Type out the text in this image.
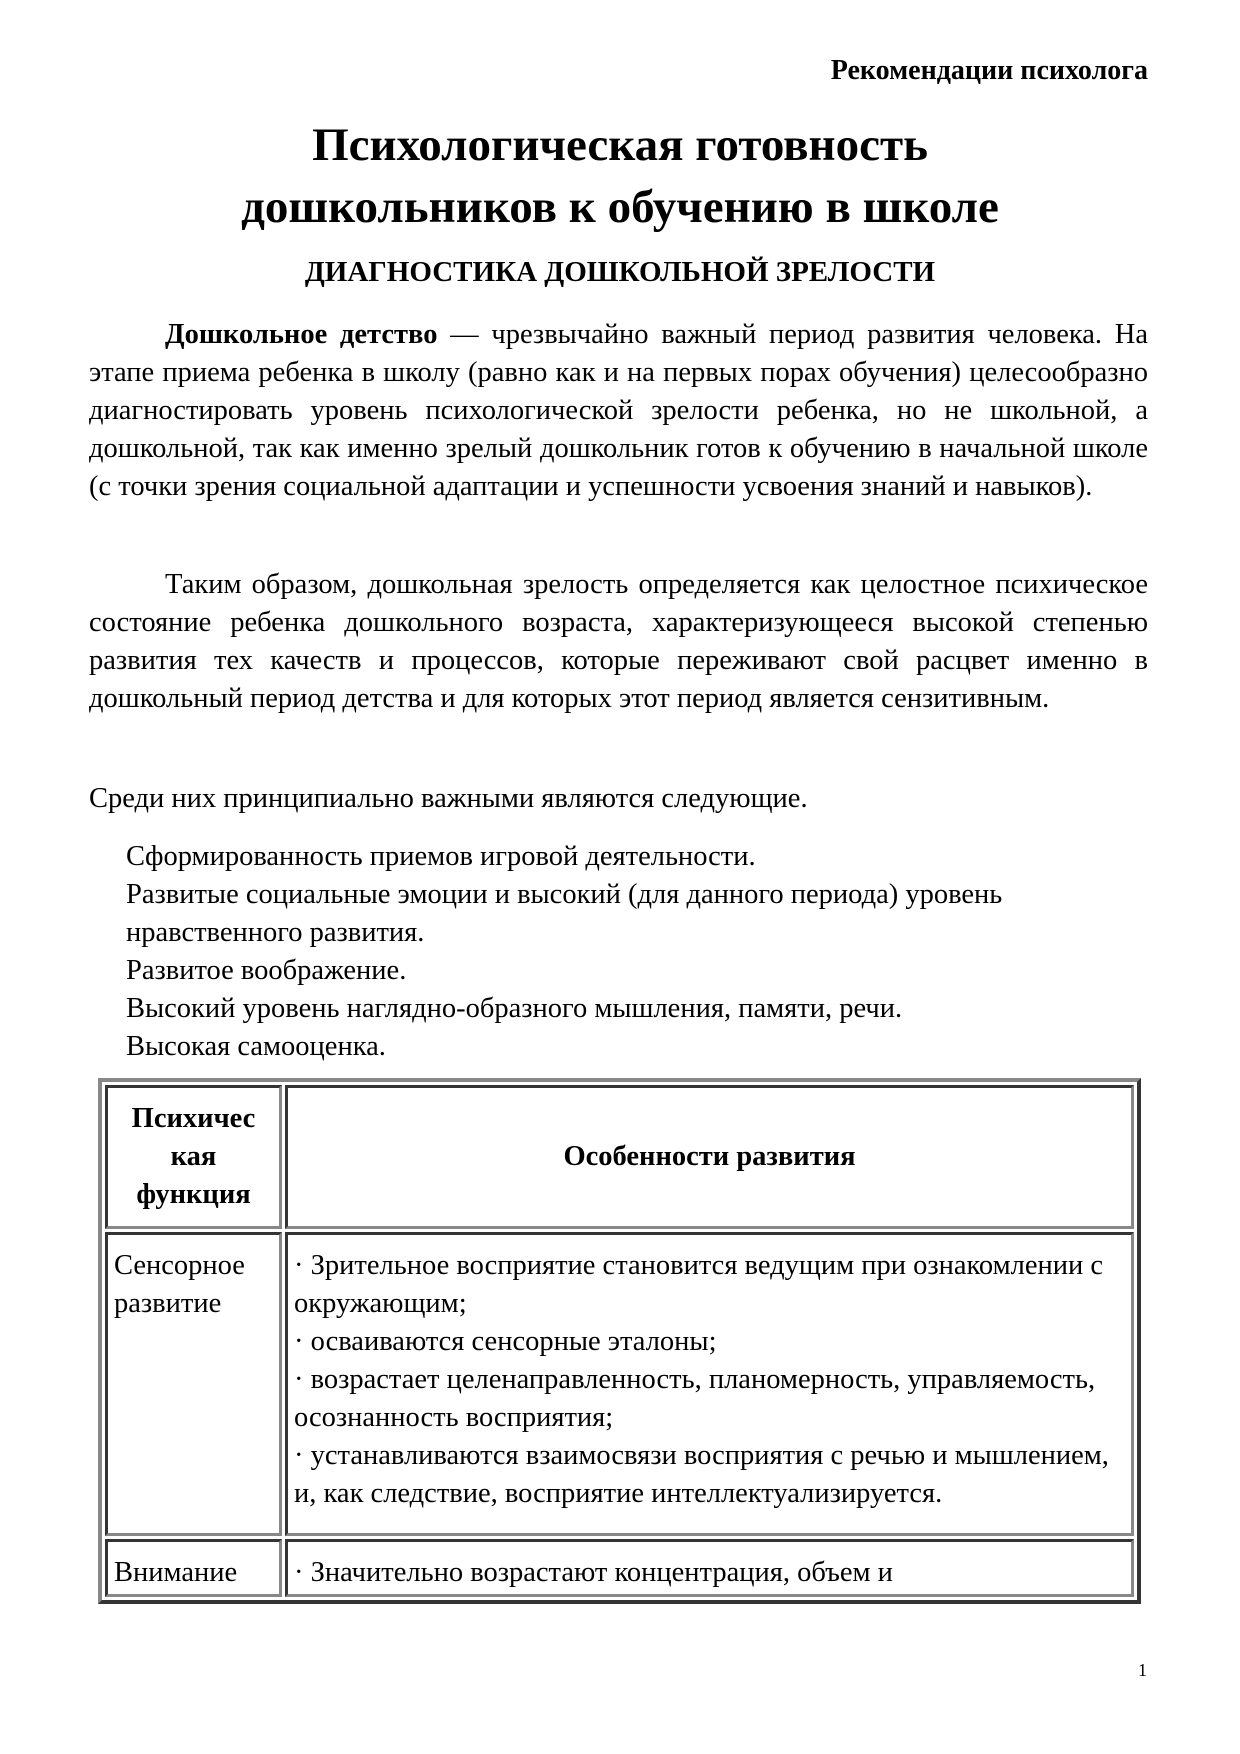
Рекомендации психолога
Психологическая готовность
дошкольников к обучению в школе
ДИАГНОСТИКА ДОШКОЛЬНОЙ ЗРЕЛОСТИ
Дошкольное детство — чрезвычайно важный период развития человека. На этапе приема ребенка в школу (равно как и на первых порах обучения) целесообразно диагностировать уровень психологической зрелости ребенка, но не школьной, а дошкольной, так как именно зрелый дошкольник готов к обучению в начальной школе (с точки зрения социальной адаптации и успешности усвоения знаний и навыков).
Таким образом, дошкольная зрелость определяется как целостное психическое состояние ребенка дошкольного возраста, характеризующееся высокой степенью развития тех качеств и процессов, которые переживают свой расцвет именно в дошкольный период детства и для которых этот период является сензитивным.
Среди них принципиально важными являются следующие.
Сформированность приемов игровой деятельности.
Развитые социальные эмоции и высокий (для данного периода) уровень нравственного развития.
Развитое воображение.
Высокий уровень наглядно-образного мышления, памяти, речи.
Высокая самооценка.
Психичес
кая
функция	Особенности развития
Сенсорное развитие	· Зрительное восприятие становится ведущим при ознакомлении с окружающим;
· осваиваются сенсорные эталоны;
· возрастает целенаправленность, планомерность, управляемость, осознанность восприятия;
· устанавливаются взаимосвязи восприятия с речью и мышлением, и, как следствие, восприятие интеллектуализируется.

Внимание	· Значительно возрастают концентрация, объем и
1
